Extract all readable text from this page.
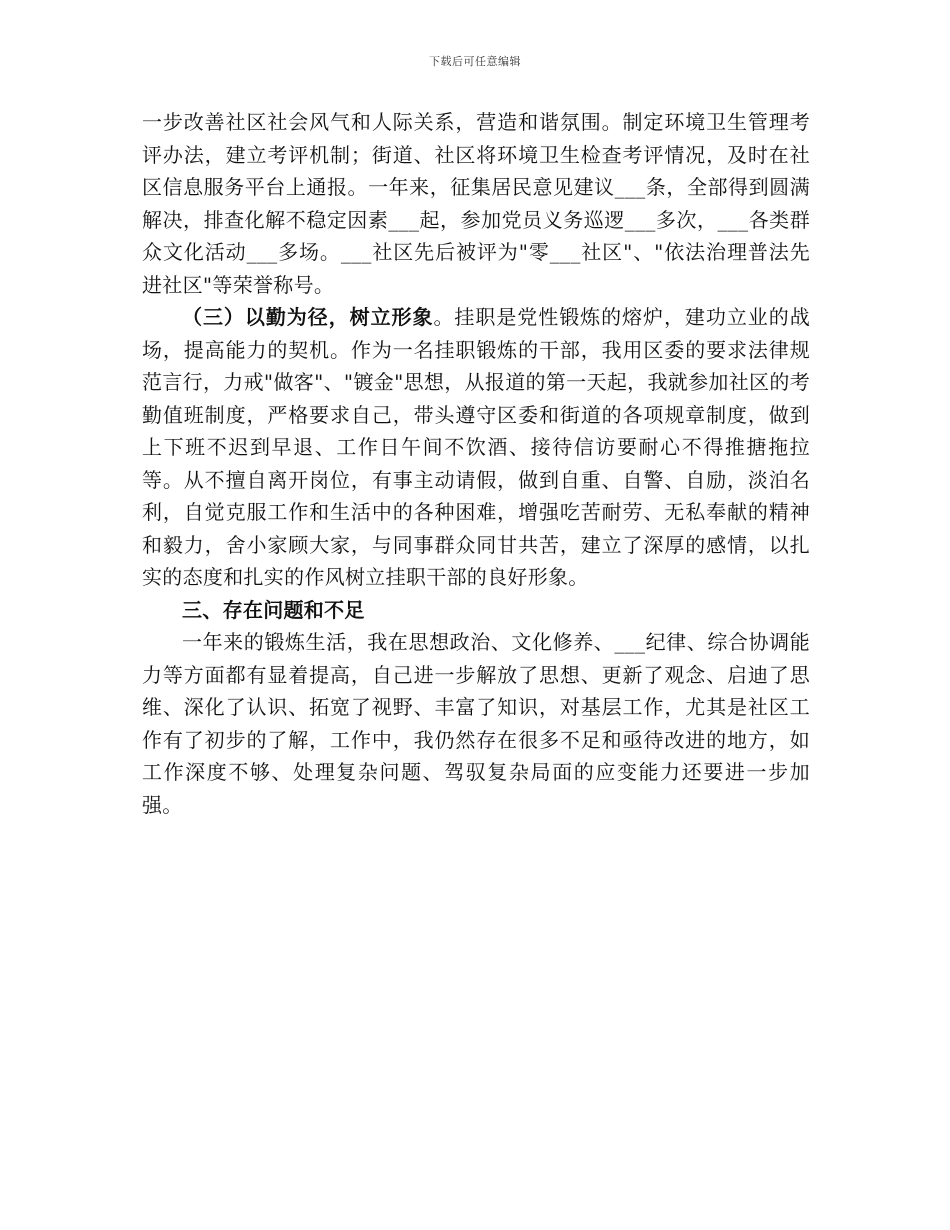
下载后可任意编辑

一步改善社区社会风气和人际关系，营造和谐氛围。制定环境卫生管理考评办法，建立考评机制；街道、社区将环境卫生检查考评情况，及时在社区信息服务平台上通报。一年来，征集居民意见建议___条，全部得到圆满解决，排查化解不稳定因素___起，参加党员义务巡逻___多次，___各类群众文化活动___多场。___社区先后被评为"零___社区"、"依法治理普法先进社区"等荣誉称号。

（三）以勤为径，树立形象。挂职是党性锻炼的熔炉，建功立业的战场，提高能力的契机。作为一名挂职锻炼的干部，我用区委的要求法律规范言行，力戒"做客"、"镀金"思想，从报道的第一天起，我就参加社区的考勤值班制度，严格要求自己，带头遵守区委和街道的各项规章制度，做到上下班不迟到早退、工作日午间不饮酒、接待信访要耐心不得推搪拖拉等。从不擅自离开岗位，有事主动请假，做到自重、自警、自励，淡泊名利，自觉克服工作和生活中的各种困难，增强吃苦耐劳、无私奉献的精神和毅力，舍小家顾大家，与同事群众同甘共苦，建立了深厚的感情，以扎实的态度和扎实的作风树立挂职干部的良好形象。

三、存在问题和不足

一年来的锻炼生活，我在思想政治、文化修养、___纪律、综合协调能力等方面都有显着提高，自己进一步解放了思想、更新了观念、启迪了思维、深化了认识、拓宽了视野、丰富了知识，对基层工作，尤其是社区工作有了初步的了解，工作中，我仍然存在很多不足和亟待改进的地方，如工作深度不够、处理复杂问题、驾驭复杂局面的应变能力还要进一步加强。
